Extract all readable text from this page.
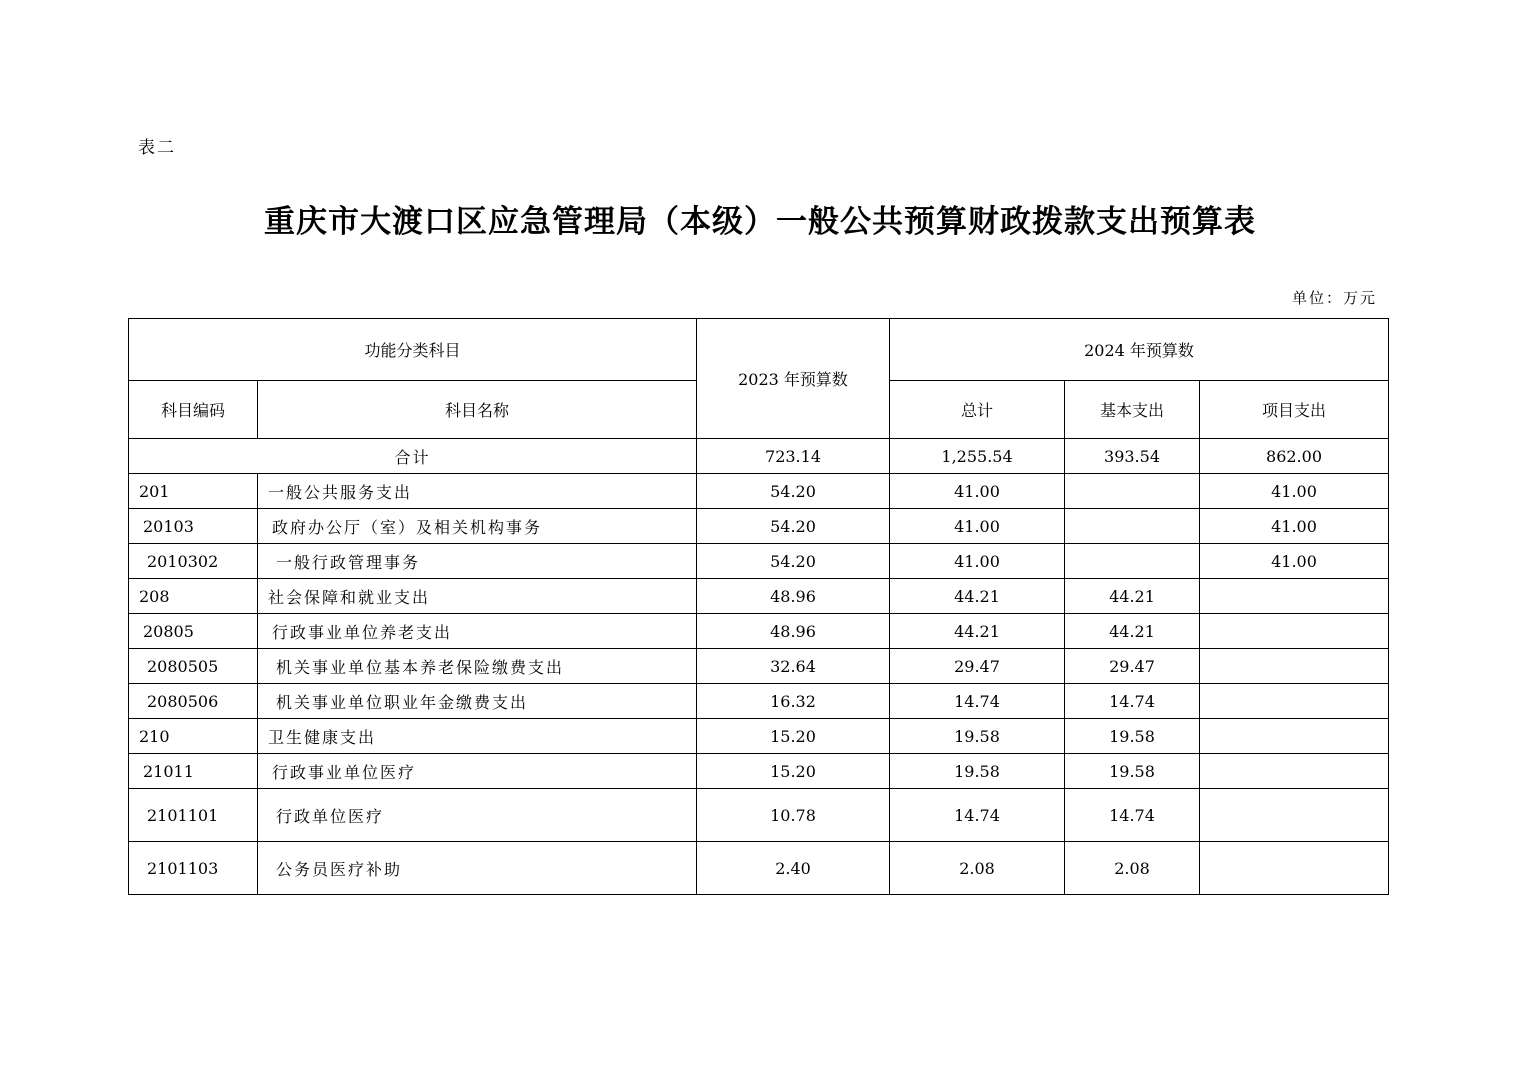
表二
重庆市大渡口区应急管理局（本级）一般公共预算财政拨款支出预算表
单位：万元
功能分类科目		2023 年预算数	2024 年预算数		
科目编码	科目名称		总计	基本支出	项目支出
合计		723.14	1,255.54	393.54	862.00
201	一般公共服务支出	54.20	41.00		41.00
20103	政府办公厅（室）及相关机构事务	54.20	41.00		41.00
2010302	一般行政管理事务	54.20	41.00		41.00
208	社会保障和就业支出	48.96	44.21	44.21	
20805	行政事业单位养老支出	48.96	44.21	44.21	
2080505	机关事业单位基本养老保险缴费支出	32.64	29.47	29.47	
2080506	机关事业单位职业年金缴费支出	16.32	14.74	14.74	
210	卫生健康支出	15.20	19.58	19.58	
21011	行政事业单位医疗	15.20	19.58	19.58	
2101101	行政单位医疗	10.78	14.74	14.74	
2101103	公务员医疗补助	2.40	2.08	2.08	
